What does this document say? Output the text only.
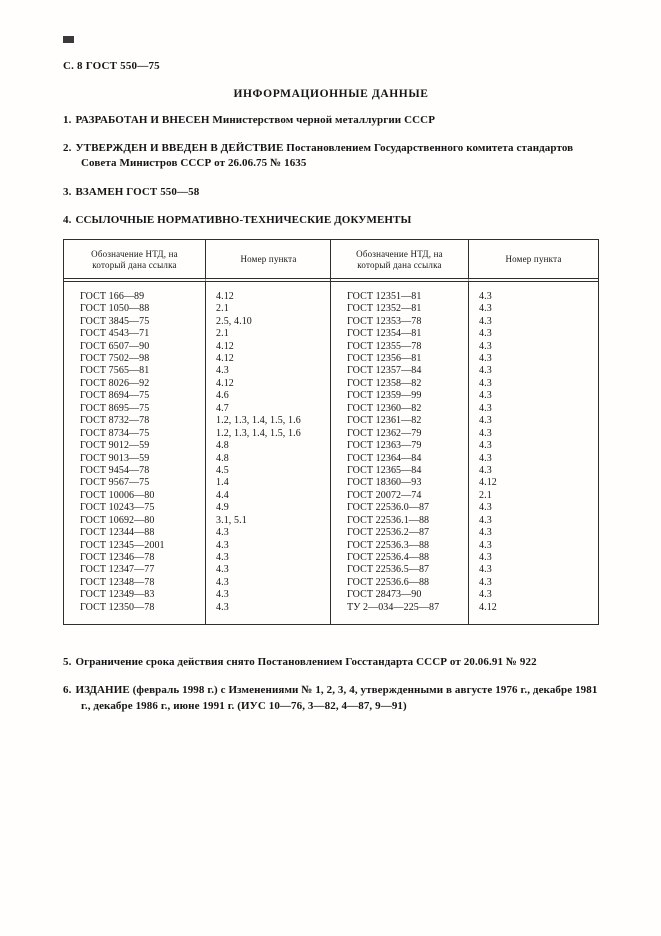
С. 8 ГОСТ 550—75
ИНФОРМАЦИОННЫЕ ДАННЫЕ

1. РАЗРАБОТАН И ВНЕСЕН Министерством черной металлургии СССР

2. УТВЕРЖДЕН И ВВЕДЕН В ДЕЙСТВИЕ Постановлением Государственного комитета стандартов Совета Министров СССР от 26.06.75 № 1635

3. ВЗАМЕН ГОСТ 550—58

4. ССЫЛОЧНЫЕ НОРМАТИВНО-ТЕХНИЧЕСКИЕ ДОКУМЕНТЫ

Обозначение НТД, на который дана ссылка
Номер пункта
ГОСТ 166—89
ГОСТ 1050—88
ГОСТ 3845—75
ГОСТ 4543—71
ГОСТ 6507—90
ГОСТ 7502—98
ГОСТ 7565—81
ГОСТ 8026—92
ГОСТ 8694—75
ГОСТ 8695—75
ГОСТ 8732—78
ГОСТ 8734—75
ГОСТ 9012—59
ГОСТ 9013—59
ГОСТ 9454—78
ГОСТ 9567—75
ГОСТ 10006—80
ГОСТ 10243—75
ГОСТ 10692—80
ГОСТ 12344—88
ГОСТ 12345—2001
ГОСТ 12346—78
ГОСТ 12347—77
ГОСТ 12348—78
ГОСТ 12349—83
ГОСТ 12350—78
4.12
2.1
2.5, 4.10
2.1
4.12
4.12
4.3
4.12
4.6
4.7
1.2, 1.3, 1.4, 1.5, 1.6
1.2, 1.3, 1.4, 1.5, 1.6
4.8
4.8
4.5
1.4
4.4
4.9
3.1, 5.1
4.3
4.3
4.3
4.3
4.3
4.3
4.3
Обозначение НТД, на который дана ссылка
Номер пункта
ГОСТ 12351—81
ГОСТ 12352—81
ГОСТ 12353—78
ГОСТ 12354—81
ГОСТ 12355—78
ГОСТ 12356—81
ГОСТ 12357—84
ГОСТ 12358—82
ГОСТ 12359—99
ГОСТ 12360—82
ГОСТ 12361—82
ГОСТ 12362—79
ГОСТ 12363—79
ГОСТ 12364—84
ГОСТ 12365—84
ГОСТ 18360—93
ГОСТ 20072—74
ГОСТ 22536.0—87
ГОСТ 22536.1—88
ГОСТ 22536.2—87
ГОСТ 22536.3—88
ГОСТ 22536.4—88
ГОСТ 22536.5—87
ГОСТ 22536.6—88
ГОСТ 28473—90
ТУ 2—034—225—87
4.3
4.3
4.3
4.3
4.3
4.3
4.3
4.3
4.3
4.3
4.3
4.3
4.3
4.3
4.3
4.12
2.1
4.3
4.3
4.3
4.3
4.3
4.3
4.3
4.3
4.12

5. Ограничение срока действия снято Постановлением Госстандарта СССР от 20.06.91 № 922

6. ИЗДАНИЕ (февраль 1998 г.) с Изменениями № 1, 2, 3, 4, утвержденными в августе 1976 г., декабре 1981 г., декабре 1986 г., июне 1991 г. (ИУС 10—76, 3—82, 4—87, 9—91)
